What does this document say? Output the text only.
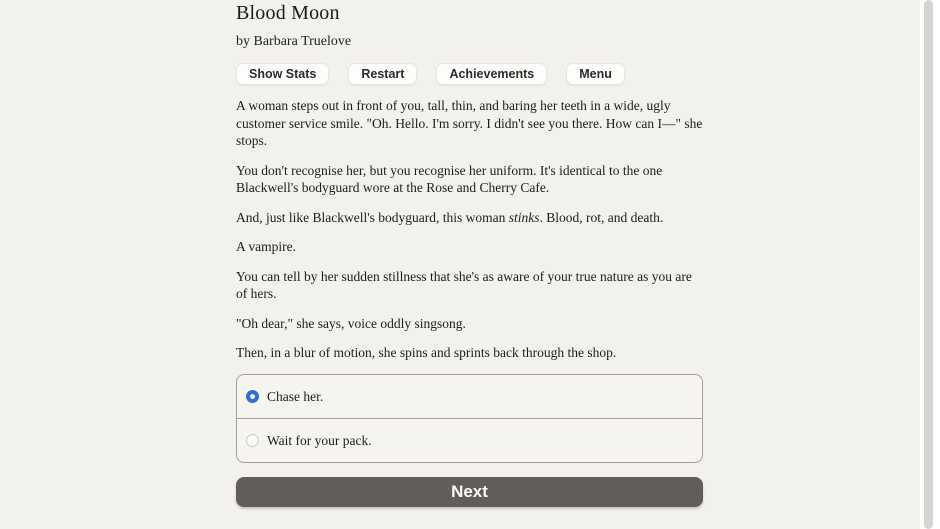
Blood Moon
by Barbara Truelove
Show Stats	Restart	Achievements	Menu

A woman steps out in front of you, tall, thin, and baring her teeth in a wide, ugly customer service smile. "Oh. Hello. I'm sorry. I didn't see you there. How can I—" she stops.

You don't recognise her, but you recognise her uniform. It's identical to the one Blackwell's bodyguard wore at the Rose and Cherry Cafe.

And, just like Blackwell's bodyguard, this woman stinks. Blood, rot, and death.

A vampire.

You can tell by her sudden stillness that she's as aware of your true nature as you are of hers.

"Oh dear," she says, voice oddly singsong.

Then, in a blur of motion, she spins and sprints back through the shop.

Chase her.
Wait for your pack.
Next
